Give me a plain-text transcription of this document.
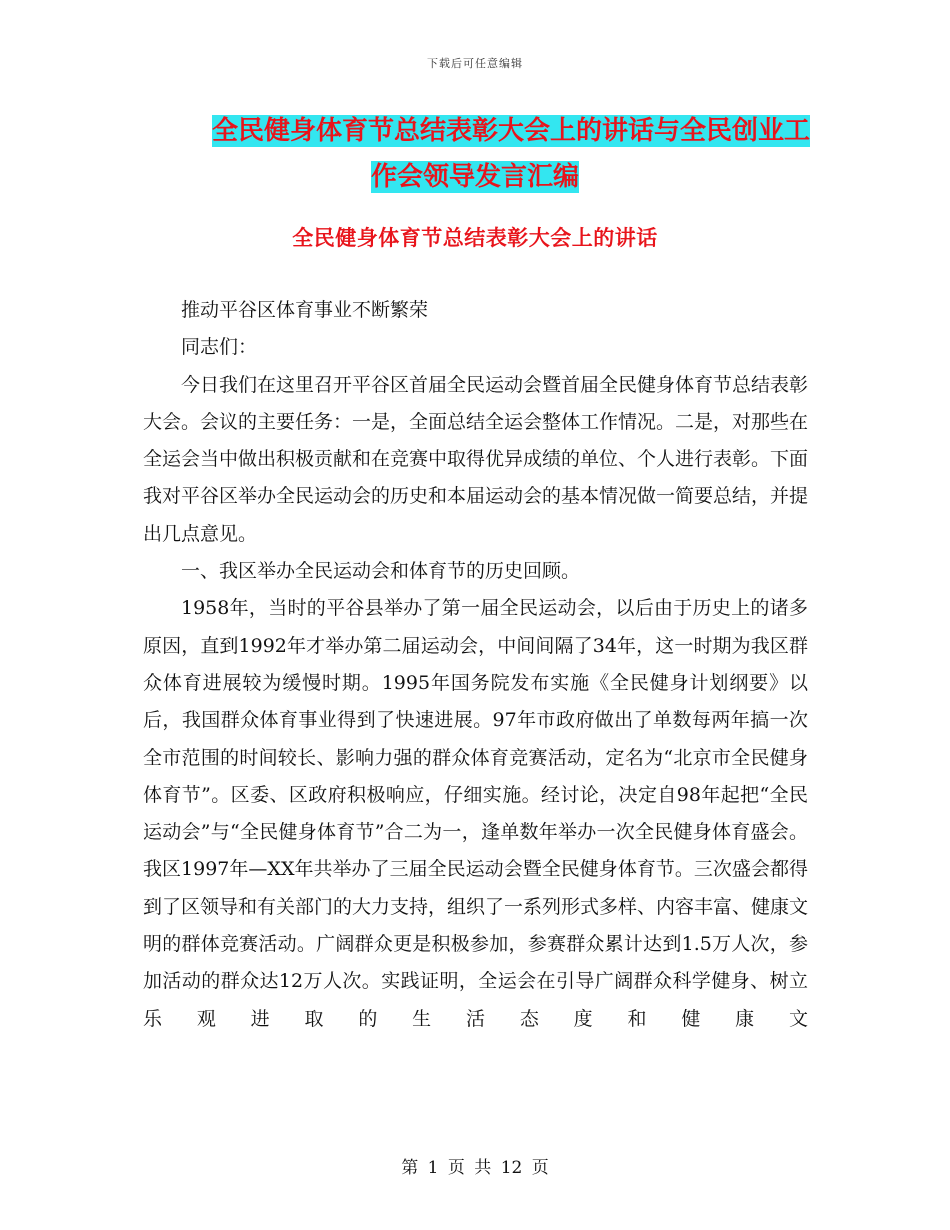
下载后可任意编辑
全民健身体育节总结表彰大会上的讲话与全民创业工
作会领导发言汇编
全民健身体育节总结表彰大会上的讲话

推动平谷区体育事业不断繁荣

同志们：

今日我们在这里召开平谷区首届全民运动会暨首届全民健身体育节总结表彰大会。会议的主要任务：一是，全面总结全运会整体工作情况。二是，对那些在全运会当中做出积极贡献和在竞赛中取得优异成绩的单位、个人进行表彰。下面我对平谷区举办全民运动会的历史和本届运动会的基本情况做一简要总结，并提出几点意见。

一、我区举办全民运动会和体育节的历史回顾。

1958年，当时的平谷县举办了第一届全民运动会，以后由于历史上的诸多原因，直到1992年才举办第二届运动会，中间间隔了34年，这一时期为我区群众体育进展较为缓慢时期。1995年国务院发布实施《全民健身计划纲要》以后，我国群众体育事业得到了快速进展。97年市政府做出了单数每两年搞一次全市范围的时间较长、影响力强的群众体育竞赛活动，定名为“北京市全民健身体育节”。区委、区政府积极响应，仔细实施。经讨论，决定自98年起把“全民运动会”与“全民健身体育节”合二为一，逢单数年举办一次全民健身体育盛会。我区1997年—XX年共举办了三届全民运动会暨全民健身体育节。三次盛会都得到了区领导和有关部门的大力支持，组织了一系列形式多样、内容丰富、健康文明的群体竞赛活动。广阔群众更是积极参加，参赛群众累计达到1.5万人次，参加活动的群众达12万人次。实践证明，全运会在引导广阔群众科学健身、树立乐观进取的生活态度和健康文

第 1 页 共 12 页
